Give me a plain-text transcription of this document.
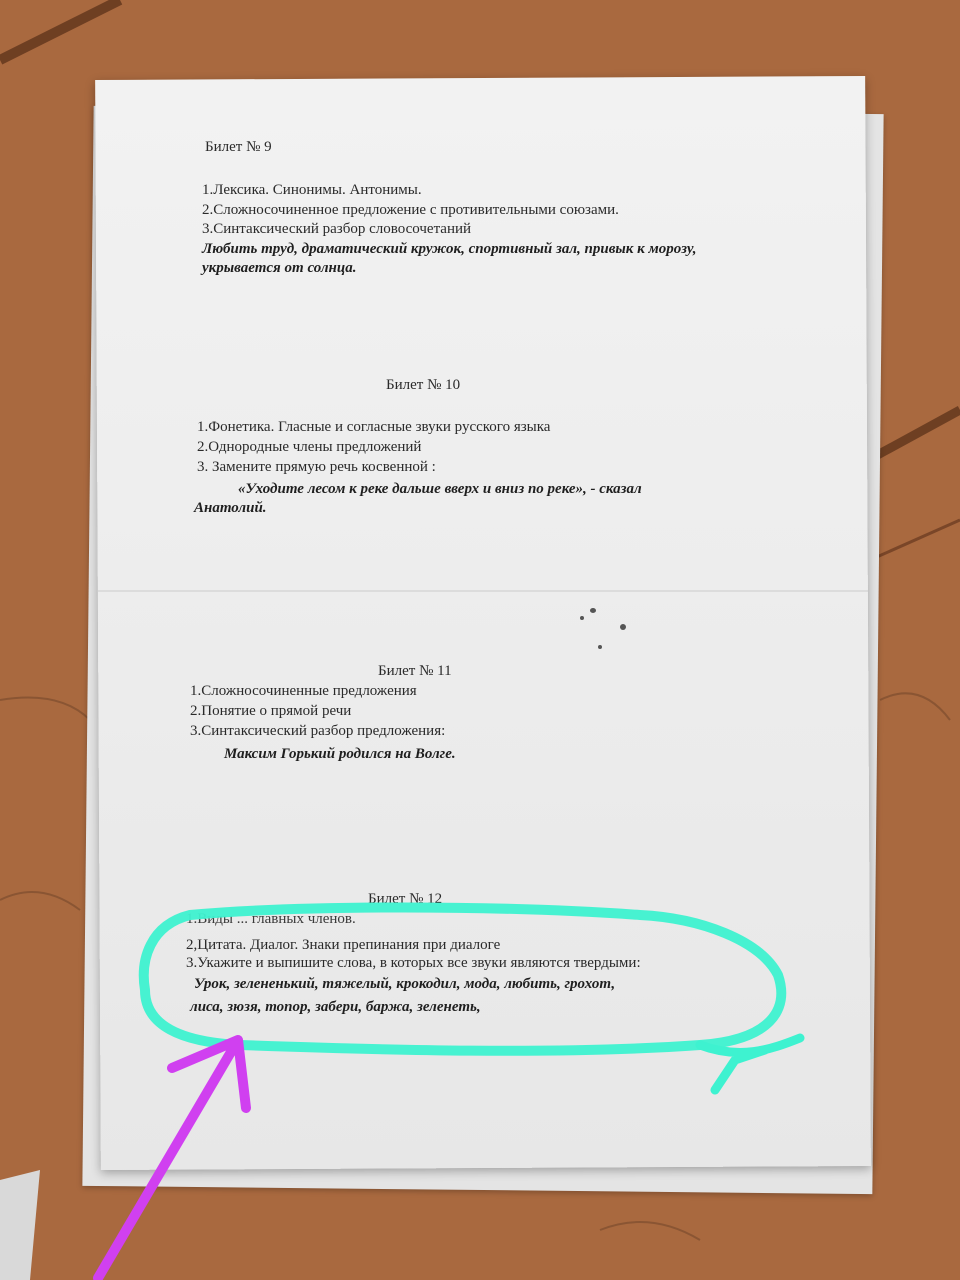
Билет № 9
1.Лексика. Синонимы. Антонимы.
2.Сложносочиненное предложение с противительными союзами.
3.Синтаксический разбор словосочетаний
Любить труд, драматический кружок, спортивный зал, привык к морозу,
укрывается от солнца.
Билет № 10
1.Фонетика. Гласные и согласные звуки русского языка
2.Однородные члены предложений
3. Замените прямую речь косвенной :
«Уходите лесом к реке дальше вверх и вниз по реке», - сказал
Анатолий.
Билет № 11
1.Сложносочиненные предложения
2.Понятие о прямой речи
3.Синтаксический разбор предложения:
Максим Горький родился на Волге.
Билет № 12
1.Виды ... главных членов.
2,Цитата. Диалог. Знаки препинания при диалоге
3.Укажите и выпишите слова, в которых все звуки являются твердыми:
Урок, зелененький, тяжелый, крокодил, мода, любить, грохот,
лиса, зюзя, топор, забери, баржа, зеленеть,
